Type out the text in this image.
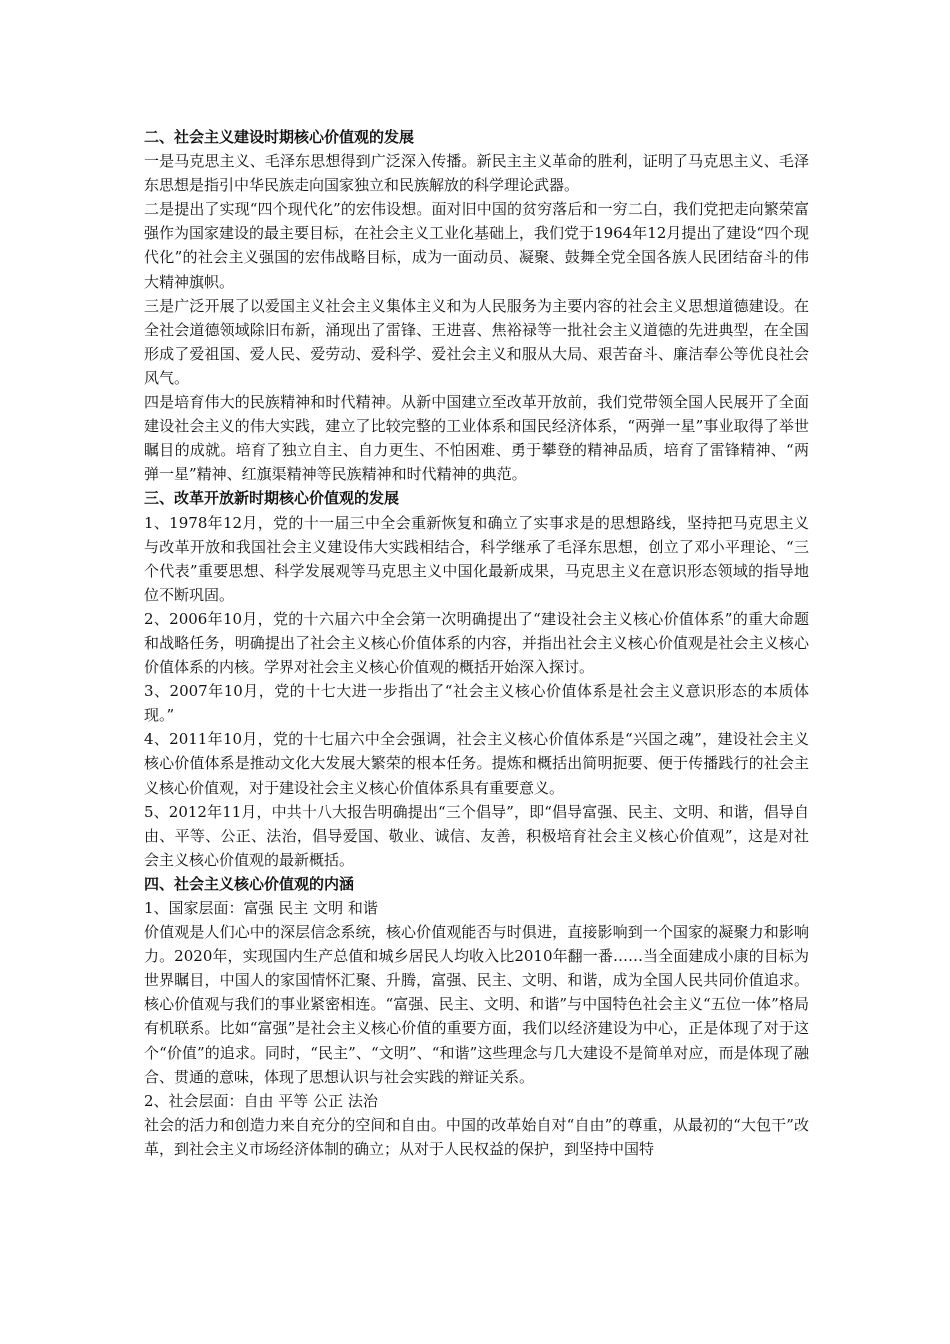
二、社会主义建设时期核心价值观的发展

一是马克思主义、毛泽东思想得到广泛深入传播。新民主主义革命的胜利，证明了马克思主义、毛泽东思想是指引中华民族走向国家独立和民族解放的科学理论武器。

二是提出了实现“四个现代化”的宏伟设想。面对旧中国的贫穷落后和一穷二白，我们党把走向繁荣富强作为国家建设的最主要目标，在社会主义工业化基础上，我们党于1964年12月提出了建设“四个现代化”的社会主义强国的宏伟战略目标，成为一面动员、凝聚、鼓舞全党全国各族人民团结奋斗的伟大精神旗帜。

三是广泛开展了以爱国主义社会主义集体主义和为人民服务为主要内容的社会主义思想道德建设。在全社会道德领域除旧布新，涌现出了雷锋、王进喜、焦裕禄等一批社会主义道德的先进典型，在全国形成了爱祖国、爱人民、爱劳动、爱科学、爱社会主义和服从大局、艰苦奋斗、廉洁奉公等优良社会风气。

四是培育伟大的民族精神和时代精神。从新中国建立至改革开放前，我们党带领全国人民展开了全面建设社会主义的伟大实践，建立了比较完整的工业体系和国民经济体系，“两弹一星”事业取得了举世瞩目的成就。培育了独立自主、自力更生、不怕困难、勇于攀登的精神品质，培育了雷锋精神、“两弹一星”精神、红旗渠精神等民族精神和时代精神的典范。

三、改革开放新时期核心价值观的发展

1、1978年12月，党的十一届三中全会重新恢复和确立了实事求是的思想路线，坚持把马克思主义与改革开放和我国社会主义建设伟大实践相结合，科学继承了毛泽东思想，创立了邓小平理论、“三个代表”重要思想、科学发展观等马克思主义中国化最新成果，马克思主义在意识形态领域的指导地位不断巩固。

2、2006年10月，党的十六届六中全会第一次明确提出了“建设社会主义核心价值体系”的重大命题和战略任务，明确提出了社会主义核心价值体系的内容，并指出社会主义核心价值观是社会主义核心价值体系的内核。学界对社会主义核心价值观的概括开始深入探讨。

3、2007年10月，党的十七大进一步指出了“社会主义核心价值体系是社会主义意识形态的本质体现。”

4、2011年10月，党的十七届六中全会强调，社会主义核心价值体系是“兴国之魂”，建设社会主义核心价值体系是推动文化大发展大繁荣的根本任务。提炼和概括出简明扼要、便于传播践行的社会主义核心价值观，对于建设社会主义核心价值体系具有重要意义。

5、2012年11月，中共十八大报告明确提出“三个倡导”，即“倡导富强、民主、文明、和谐，倡导自由、平等、公正、法治，倡导爱国、敬业、诚信、友善，积极培育社会主义核心价值观”，这是对社会主义核心价值观的最新概括。

四、社会主义核心价值观的内涵

1、国家层面：富强 民主 文明 和谐

价值观是人们心中的深层信念系统，核心价值观能否与时俱进，直接影响到一个国家的凝聚力和影响力。2020年，实现国内生产总值和城乡居民人均收入比2010年翻一番……当全面建成小康的目标为世界瞩目，中国人的家国情怀汇聚、升腾，富强、民主、文明、和谐，成为全国人民共同价值追求。核心价值观与我们的事业紧密相连。“富强、民主、文明、和谐”与中国特色社会主义“五位一体”格局有机联系。比如“富强”是社会主义核心价值的重要方面，我们以经济建设为中心，正是体现了对于这个“价值”的追求。同时，“民主”、“文明”、“和谐”这些理念与几大建设不是简单对应，而是体现了融合、贯通的意味，体现了思想认识与社会实践的辩证关系。

2、社会层面：自由 平等 公正 法治

社会的活力和创造力来自充分的空间和自由。中国的改革始自对“自由”的尊重，从最初的“大包干”改革，到社会主义市场经济体制的确立；从对于人民权益的保护，到坚持中国特
